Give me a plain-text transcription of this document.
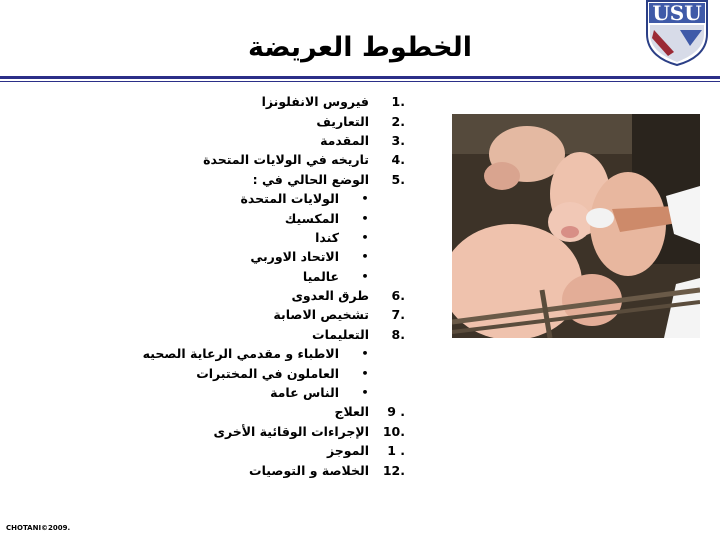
USU
الخطوط العريضة
1.
فيروس الانفلونزا
2.
التعاريف
3.
المقدمة
4.
تاريخه في الولايات المتحدة
5.
الوضع الحالي في :
•
الولايات المتحدة
•
المكسيك
•
كندا
•
الاتحاد الاوربي
•
عالميا
6.
طرق العدوى
7.
تشخيص الاصابة
8.
التعليمات
•
الاطباء و مقدمي الرعاية الصحيه
•
العاملون في المختبرات
•
الناس عامة
9 .
العلاج
10.
الإجراءات الوقائية الأخرى
1 .
الموجز
12.
الخلاصة و التوصيات
CHOTANI©2009.
